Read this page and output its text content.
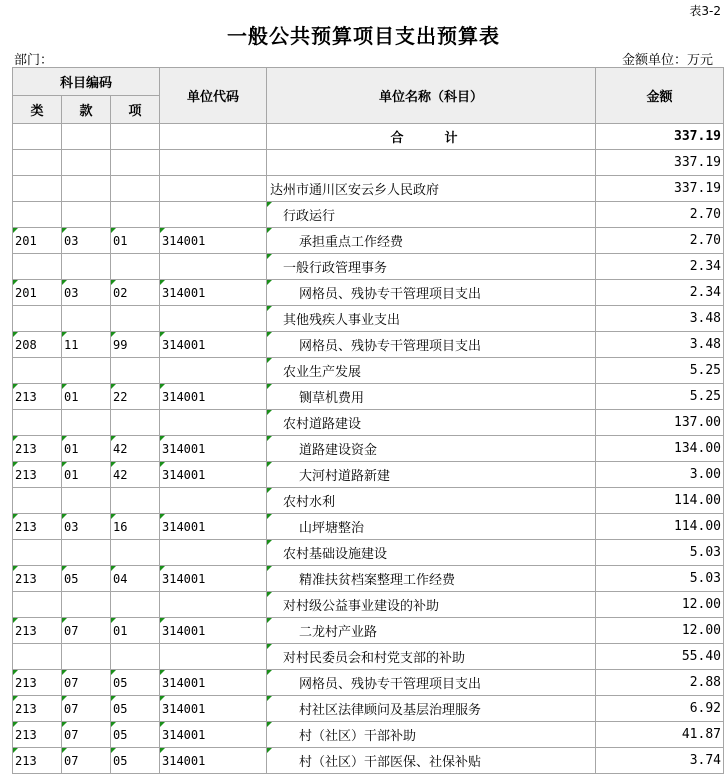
表3-2
一般公共预算项目支出预算表
部门：	金额单位：万元
科目编码			单位代码	单位名称（科目）	金额
类	款	项			
				合　计	337.19
					337.19
				达州市通川区安云乡人民政府	337.19
				行政运行	2.70
201	03	01	314001	承担重点工作经费	2.70
				一般行政管理事务	2.34
201	03	02	314001	网格员、残协专干管理项目支出	2.34
				其他残疾人事业支出	3.48
208	11	99	314001	网格员、残协专干管理项目支出	3.48
				农业生产发展	5.25
213	01	22	314001	铡草机费用	5.25
				农村道路建设	137.00
213	01	42	314001	道路建设资金	134.00
213	01	42	314001	大河村道路新建	3.00
				农村水利	114.00
213	03	16	314001	山坪塘整治	114.00
				农村基础设施建设	5.03
213	05	04	314001	精准扶贫档案整理工作经费	5.03
				对村级公益事业建设的补助	12.00
213	07	01	314001	二龙村产业路	12.00
				对村民委员会和村党支部的补助	55.40
213	07	05	314001	网格员、残协专干管理项目支出	2.88
213	07	05	314001	村社区法律顾问及基层治理服务	6.92
213	07	05	314001	村（社区）干部补助	41.87
213	07	05	314001	村（社区）干部医保、社保补贴	3.74
